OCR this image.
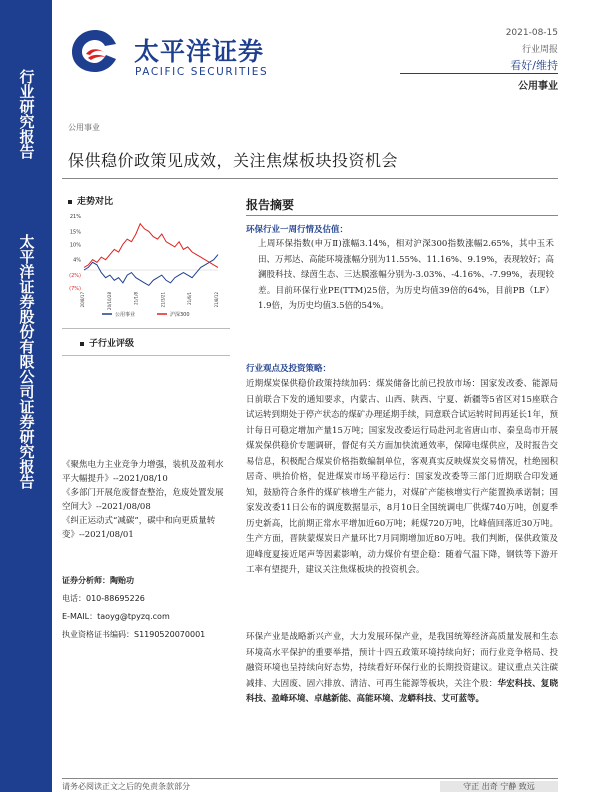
行业研究报告
太平洋证券股份有限公司证券研究报告
太平洋证券
PACIFIC SECURITIES
2021-08-15
行业周报
看好/维持
公用事业
公用事业
保供稳价政策见成效，关注焦煤板块投资机会
走势对比
21%
15%
10%
4%
(2%)
(7%)
20/8/17	20/10/28	21/1/8	21/3/21	21/6/1	21/8/12
公用事业	沪深300
子行业评级

《聚焦电力主业竞争力增强，装机及盈利水平大幅提升》--2021/08/10

《多部门开展危废督查整治，危废处置发展空间大》--2021/08/08

《纠正运动式“减碳”，碳中和向更质量转变》--2021/08/01

证券分析师：陶贻功
电话：010-88695226
E-MAIL：taoyg@tpyzq.com
执业资格证书编码：S1190520070001
报告摘要
环保行业一周行情及估值：
上周环保指数(申万Ⅱ)涨幅3.14%，相对沪深300指数涨幅2.65%，其中玉禾田、万邦达、高能环境涨幅分别为11.55%、11.16%、9.19%，表现较好；高澜股科技、绿茵生态、三达膜涨幅分别为-3.03%、-4.16%、-7.99%，表现较差。目前环保行业PE(TTM)25倍，为历史均值39倍的64%，目前PB（LF）1.9倍，为历史均值3.5倍的54%。
行业观点及投资策略：
近期煤炭保供稳价政策持续加码：煤炭储备比前已投放市场：国家发改委、能源局日前联合下发的通知要求，内蒙古、山西、陕西、宁夏、新疆等5省区对15座联合试运转到期处于停产状态的煤矿办理延期手续，同意联合试运转时间再延长1年，预计每日可稳定增加产量15万吨；国家发改委运行局赴河北省唐山市、秦皇岛市开展煤炭保供稳价专题调研，督促有关方面加快流通效率，保障电煤供应，及时报告交易信息，积极配合煤炭价格指数编制单位，客观真实反映煤炭交易情况，杜绝囤积居奇、哄抬价格，促进煤炭市场平稳运行：国家发改委等三部门近期联合印发通知，鼓励符合条件的煤矿核增生产能力，对煤矿产能核增实行产能置换承诺制；国家发改委11日公布的调度数据显示，8月10日全国统调电厂供煤740万吨，创夏季历史新高，比前期正常水平增加近60万吨；耗煤720万吨，比峰值回落近30万吨。生产方面，晋陕蒙煤炭日产量环比7月同期增加近80万吨。我们判断，保供政策及迎峰度夏接近尾声等因素影响，动力煤价有望企稳：随着气温下降，钢铁等下游开工率有望提升，建议关注焦煤板块的投资机会。
环保产业是战略新兴产业，大力发展环保产业，是我国统筹经济高质量发展和生态环境高水平保护的重要举措，预计十四五政策环境持续向好；而行业竞争格局、投融资环境也呈持续向好态势，持续看好环保行业的长期投资建议。建议重点关注碳减排、大固废、固六排放、清洁、可再生能源等板块，关注个股：华宏科技、复晓科技、盈峰环境、卓越新能、高能环境、龙蟒科技、艾可蓝等。
请务必阅读正文之后的免责条款部分	守正 出奇 宁静 致远
